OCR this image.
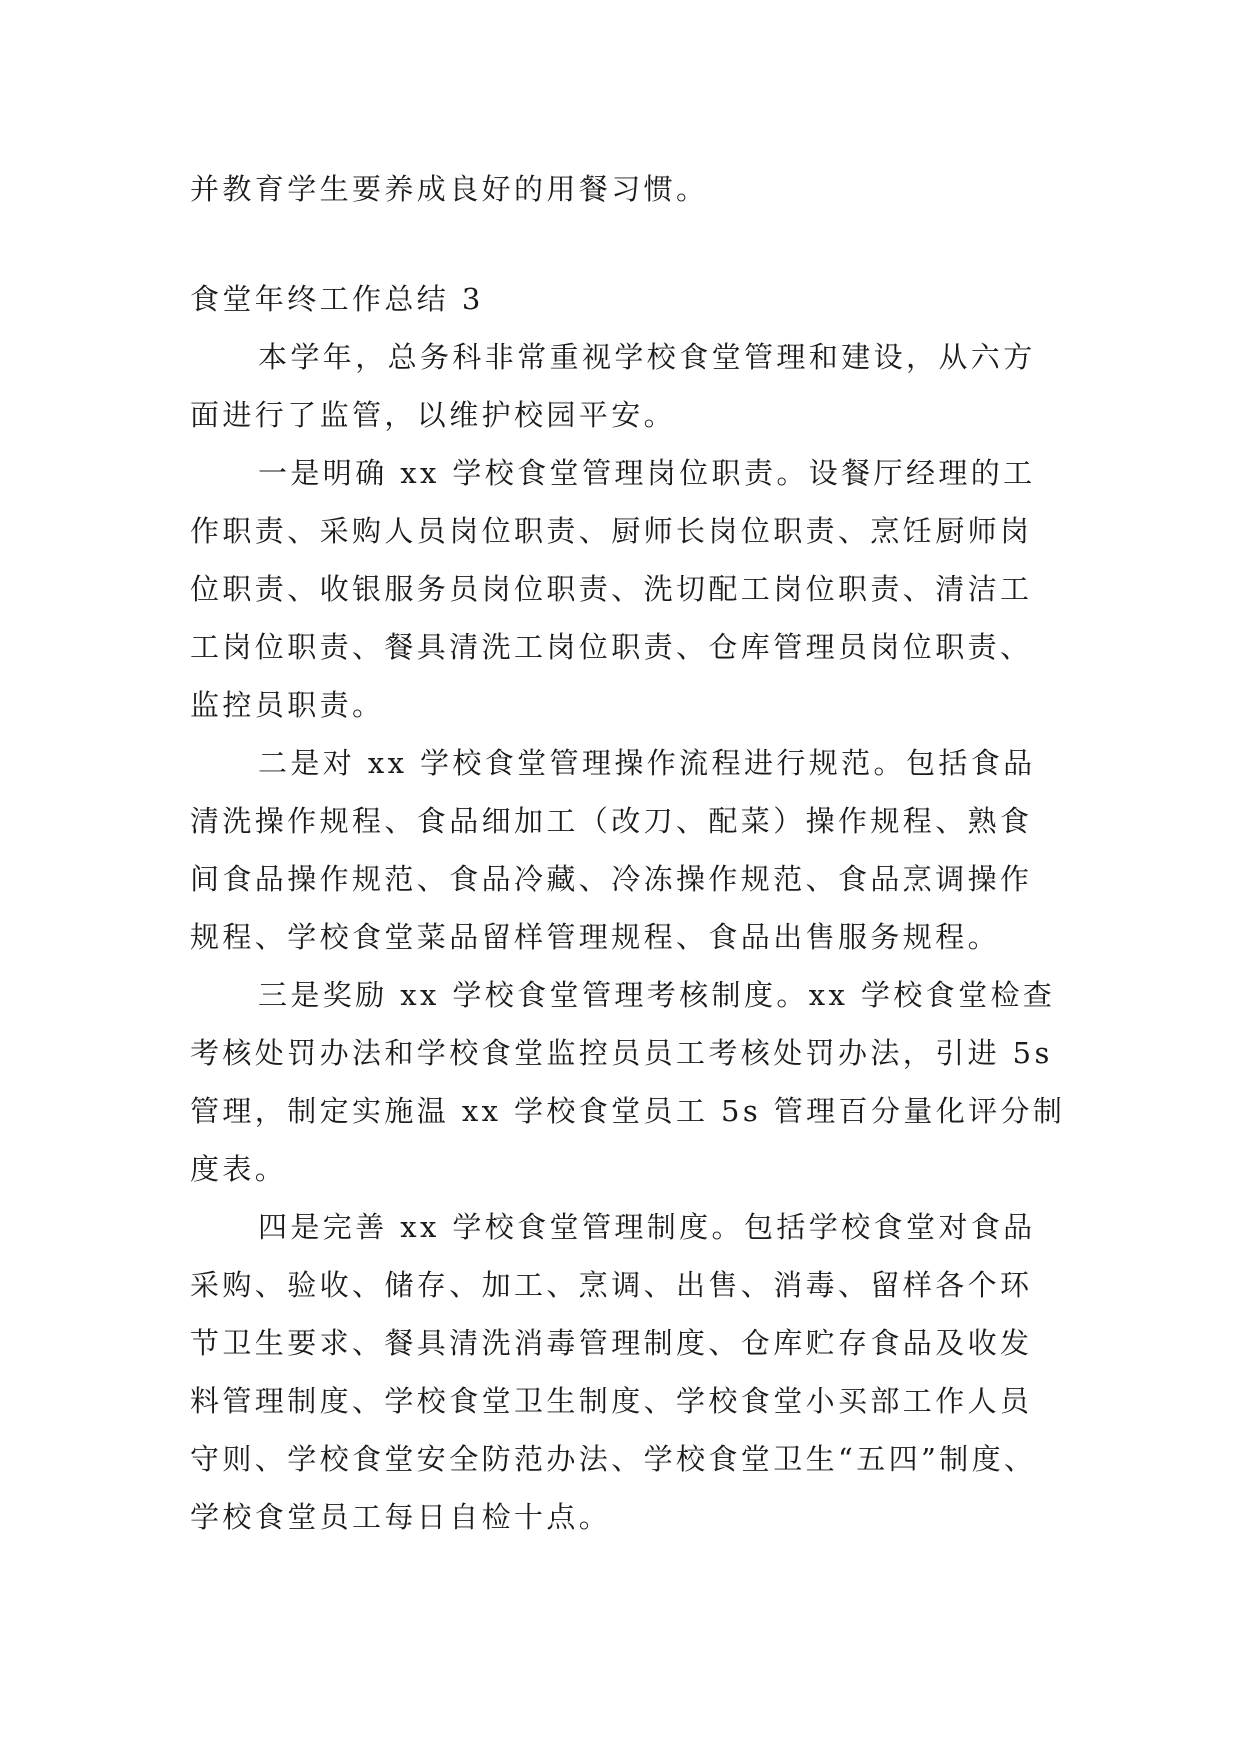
并教育学生要养成良好的用餐习惯。
食堂年终工作总结 3
本学年，总务科非常重视学校食堂管理和建设，从六方
面进行了监管，以维护校园平安。
一是明确 xx 学校食堂管理岗位职责。设餐厅经理的工
作职责、采购人员岗位职责、厨师长岗位职责、烹饪厨师岗
位职责、收银服务员岗位职责、洗切配工岗位职责、清洁工
工岗位职责、餐具清洗工岗位职责、仓库管理员岗位职责、
监控员职责。
二是对 xx 学校食堂管理操作流程进行规范。包括食品
清洗操作规程、食品细加工（改刀、配菜）操作规程、熟食
间食品操作规范、食品冷藏、冷冻操作规范、食品烹调操作
规程、学校食堂菜品留样管理规程、食品出售服务规程。
三是奖励 xx 学校食堂管理考核制度。xx 学校食堂检查
考核处罚办法和学校食堂监控员员工考核处罚办法，引进 5s
管理，制定实施温 xx 学校食堂员工 5s 管理百分量化评分制
度表。
四是完善 xx 学校食堂管理制度。包括学校食堂对食品
采购、验收、储存、加工、烹调、出售、消毒、留样各个环
节卫生要求、餐具清洗消毒管理制度、仓库贮存食品及收发
料管理制度、学校食堂卫生制度、学校食堂小买部工作人员
守则、学校食堂安全防范办法、学校食堂卫生“五四”制度、
学校食堂员工每日自检十点。
